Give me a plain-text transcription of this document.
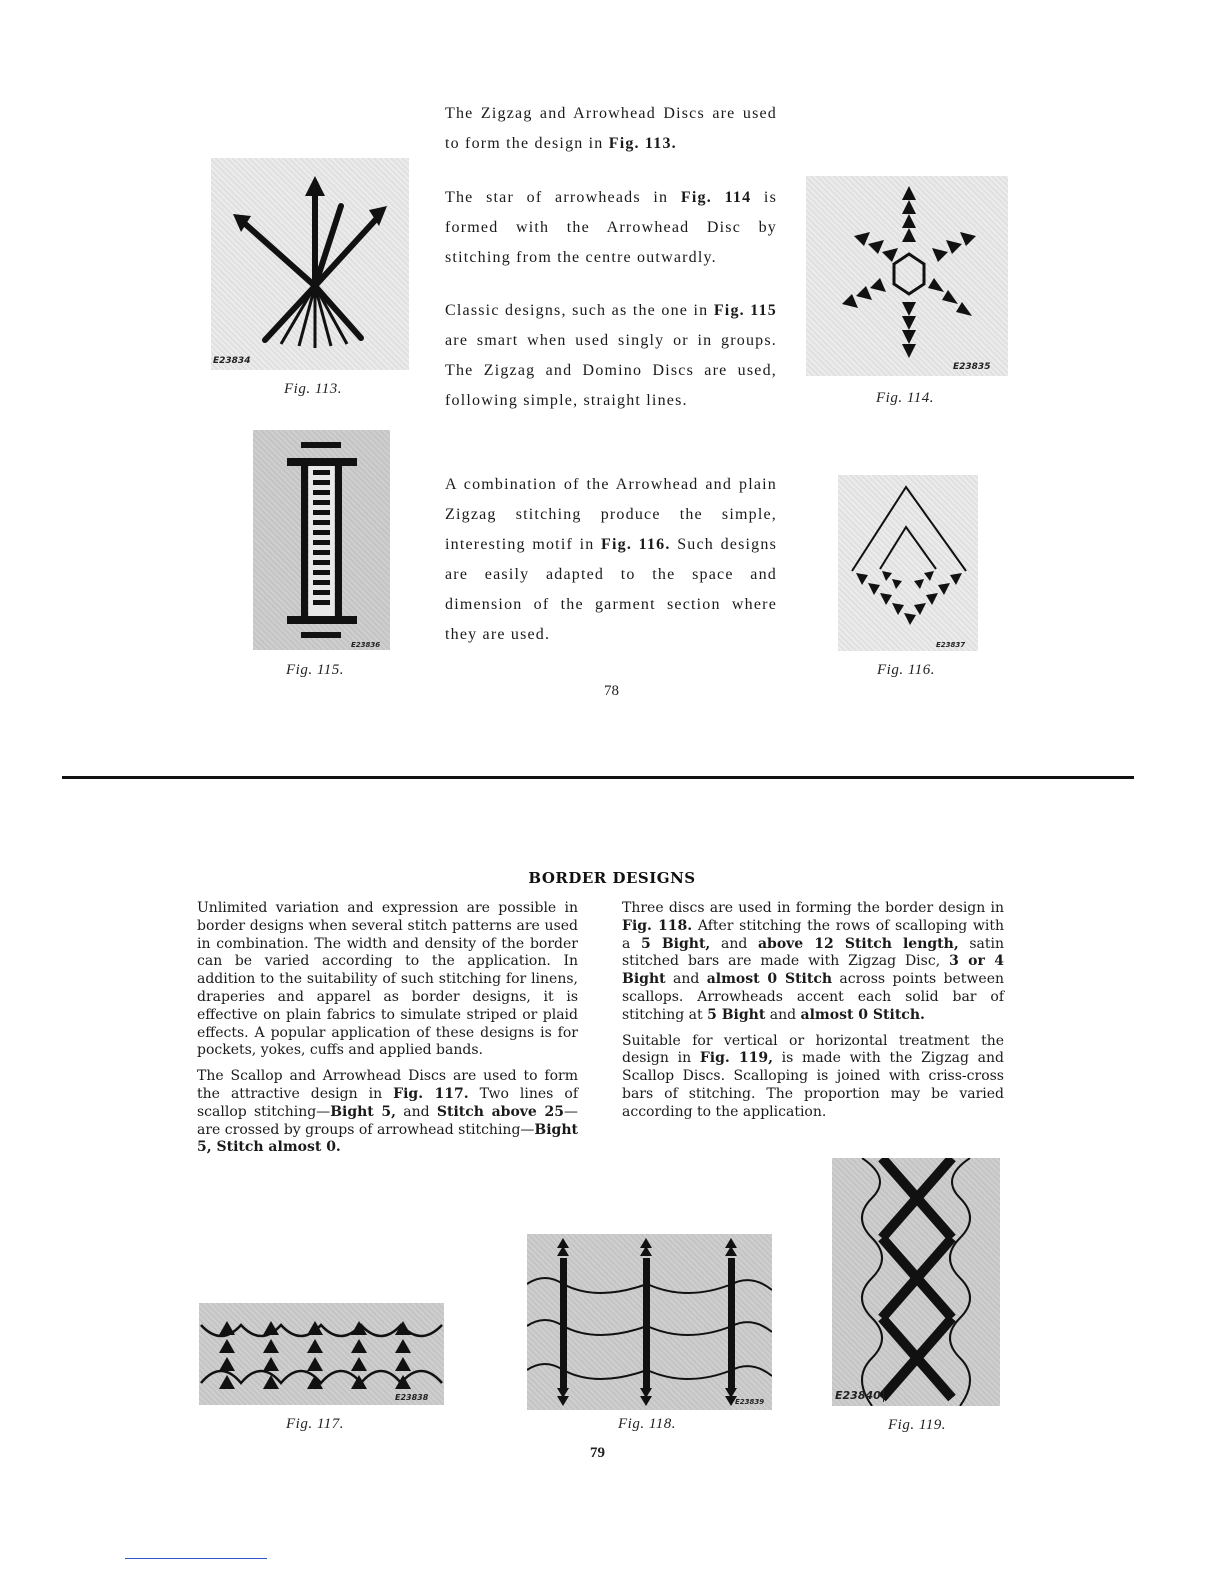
E23834
Fig. 113.
E23835
Fig. 114.
E23836
Fig. 115.
E23837
Fig. 116.
The Zigzag and Arrowhead Discs are used to form the design in Fig. 113.
The star of arrowheads in Fig. 114 is formed with the Arrowhead Disc by stitching from the centre outwardly.
Classic designs, such as the one in Fig. 115 are smart when used singly or in groups. The Zigzag and Domino Discs are used, following simple, straight lines.
A combination of the Arrowhead and plain Zigzag stitching produce the simple, interesting motif in Fig. 116. Such designs are easily adapted to the space and dimension of the garment section where they are used.
78
BORDER DESIGNS

Unlimited variation and expression are possible in border designs when several stitch patterns are used in combination. The width and density of the border can be varied according to the application. In addition to the suitability of such stitching for linens, draperies and apparel as border designs, it is effective on plain fabrics to simulate striped or plaid effects. A popular application of these designs is for pockets, yokes, cuffs and applied bands.

The Scallop and Arrowhead Discs are used to form the attractive design in Fig. 117. Two lines of scallop stitching—Bight 5, and Stitch above 25—are crossed by groups of arrowhead stitching—Bight 5, Stitch almost 0.

Three discs are used in forming the border design in Fig. 118. After stitching the rows of scalloping with a 5 Bight, and above 12 Stitch length, satin stitched bars are made with Zigzag Disc, 3 or 4 Bight and almost 0 Stitch across points between scallops. Arrowheads accent each solid bar of stitching at 5 Bight and almost 0 Stitch.

Suitable for vertical or horizontal treatment the design in Fig. 119, is made with the Zigzag and Scallop Discs. Scalloping is joined with criss-cross bars of stitching. The proportion may be varied according to the application.

E23838
Fig. 117.
E23839
Fig. 118.
E23840
Fig. 119.
79
